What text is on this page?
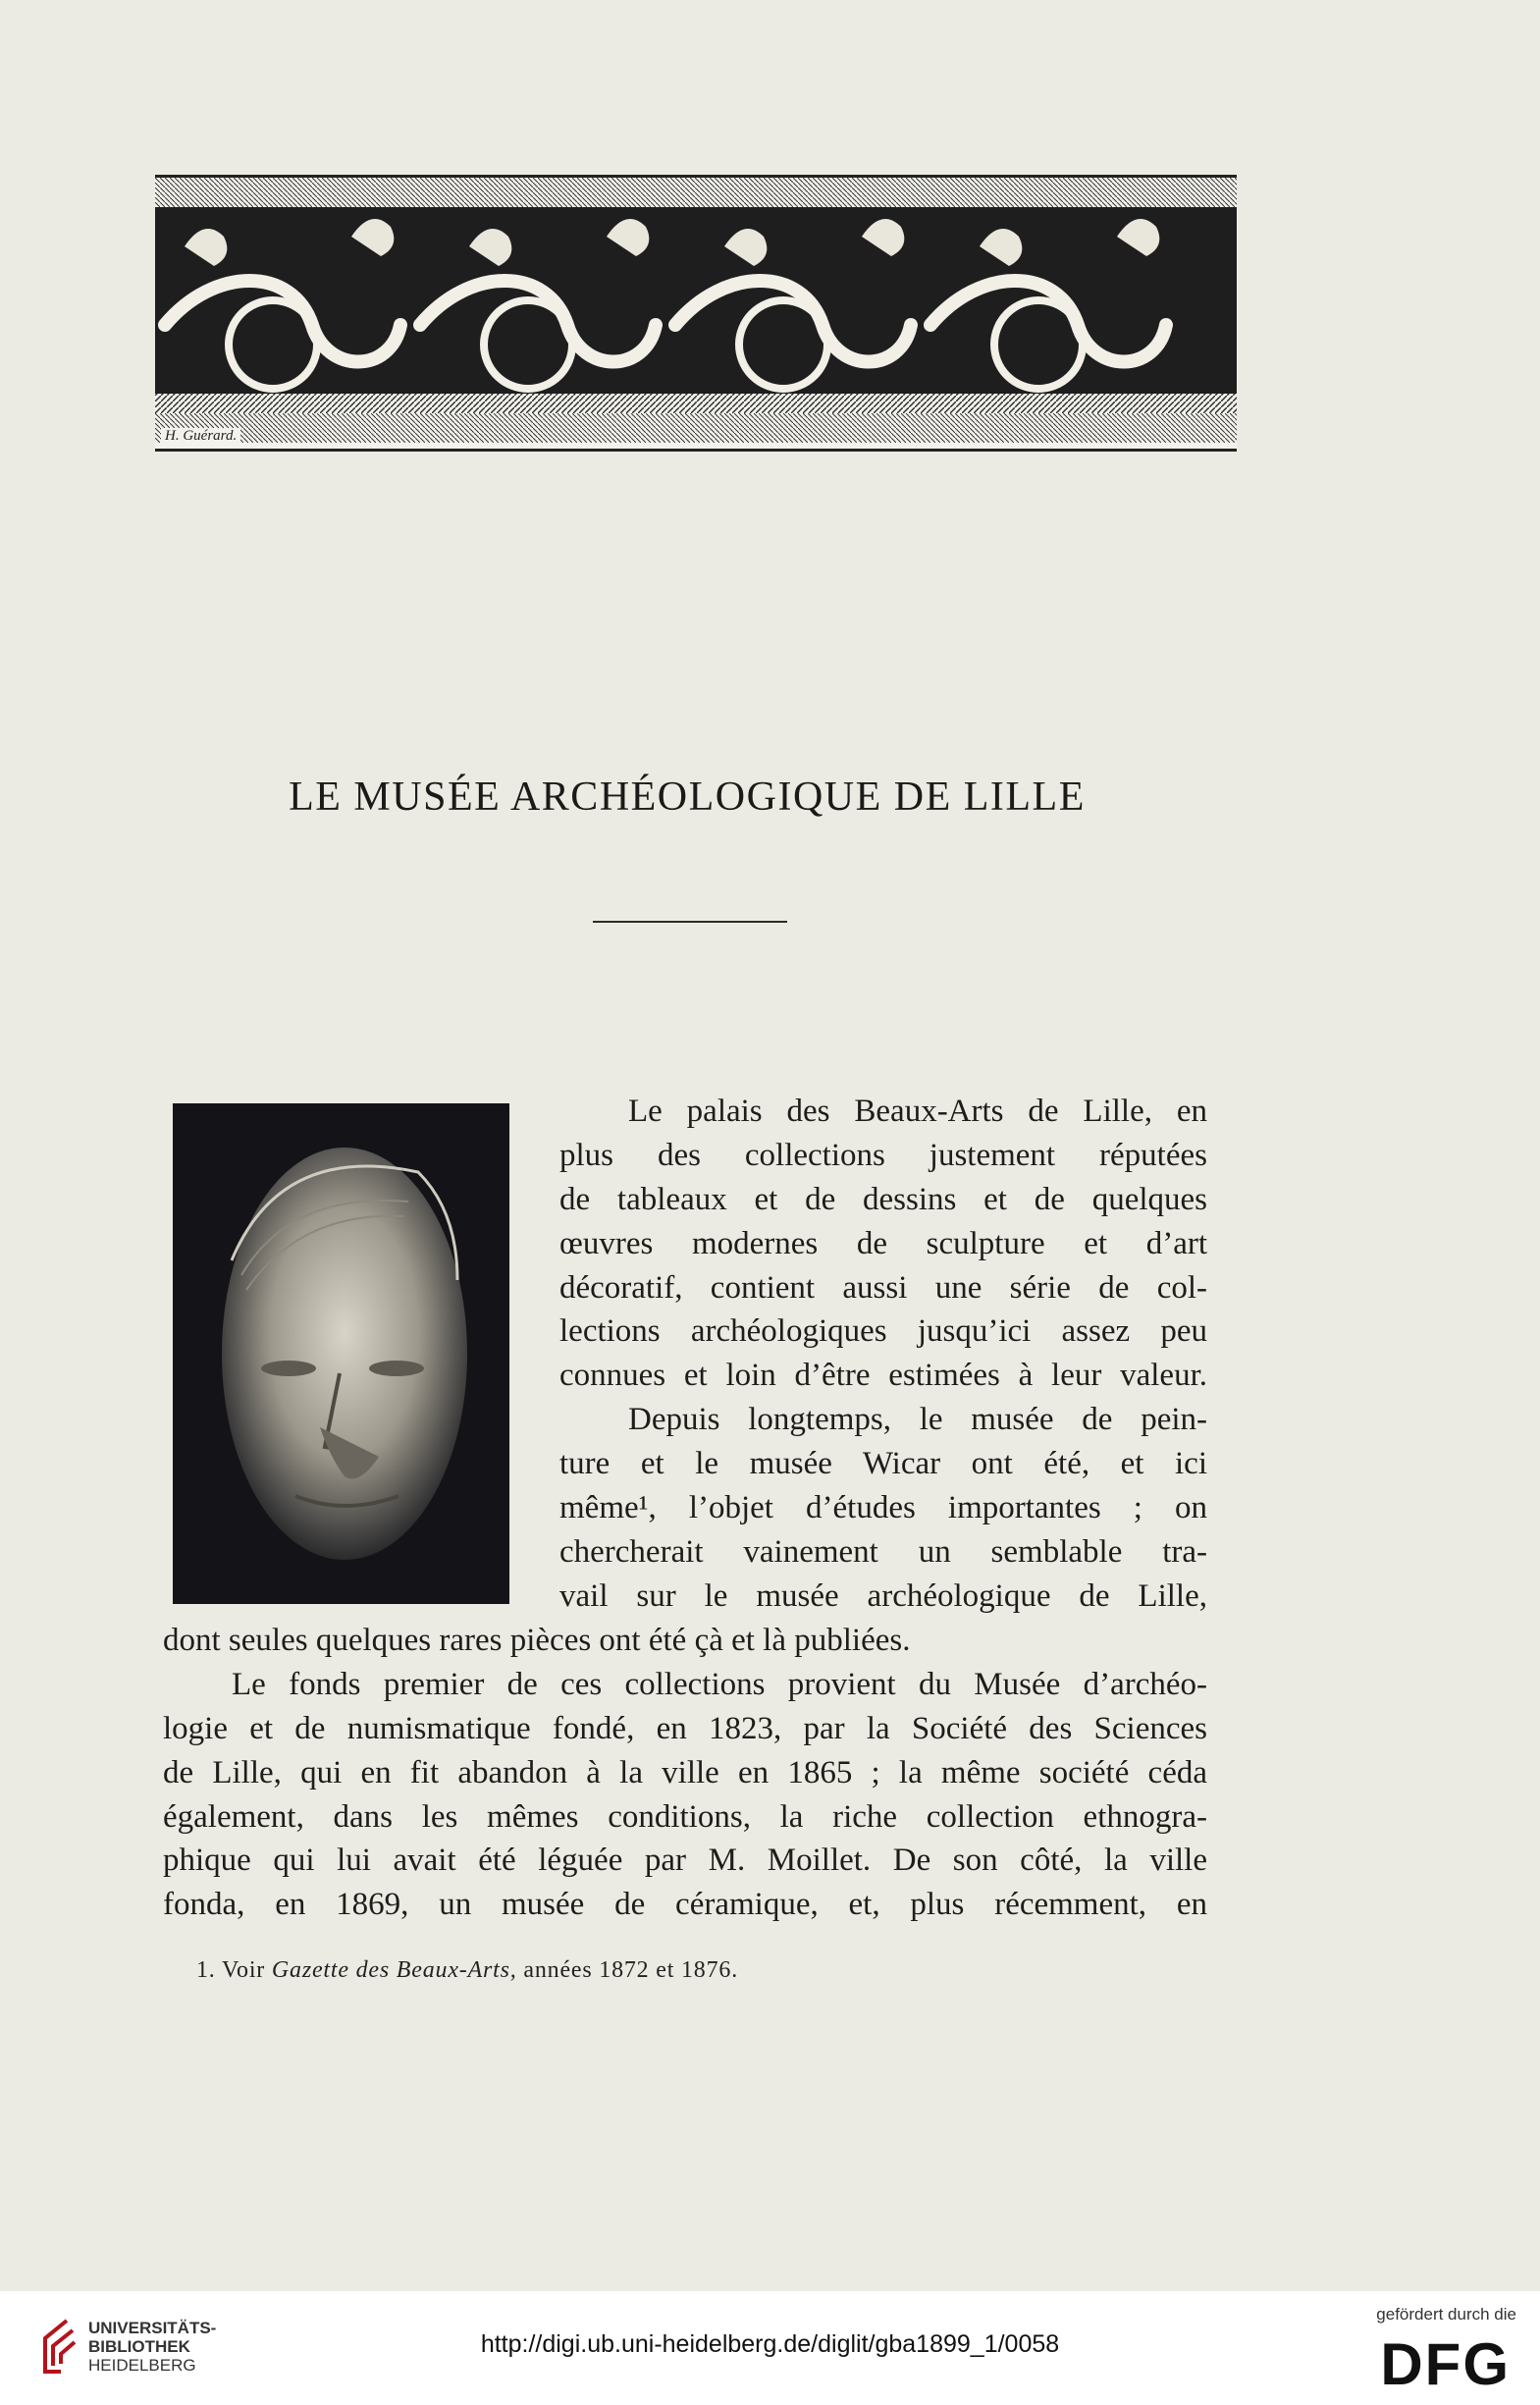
H. Guérard.
LE MUSÉE ARCHÉOLOGIQUE DE LILLE
Le palais des Beaux-Arts de Lille, en
plus des collections justement réputées
de tableaux et de dessins et de quelques
œuvres modernes de sculpture et d’art
décoratif, contient aussi une série de col-
lections archéologiques jusqu’ici assez peu
connues et loin d’être estimées à leur valeur.
Depuis longtemps, le musée de pein-
ture et le musée Wicar ont été, et ici
même¹, l’objet d’études importantes ; on
chercherait vainement un semblable tra-
vail sur le musée archéologique de Lille,
dont seules quelques rares pièces ont été çà et là publiées.
Le fonds premier de ces collections provient du Musée d’archéo-
logie et de numismatique fondé, en 1823, par la Société des Sciences
de Lille, qui en fit abandon à la ville en 1865 ; la même société céda
également, dans les mêmes conditions, la riche collection ethnogra-
phique qui lui avait été léguée par M. Moillet. De son côté, la ville
fonda, en 1869, un musée de céramique, et, plus récemment, en
1. Voir Gazette des Beaux-Arts, années 1872 et 1876.
UNIVERSITÄTS-
BIBLIOTHEK
HEIDELBERG
http://digi.ub.uni-heidelberg.de/diglit/gba1899_1/0058
gefördert durch die
DFG
